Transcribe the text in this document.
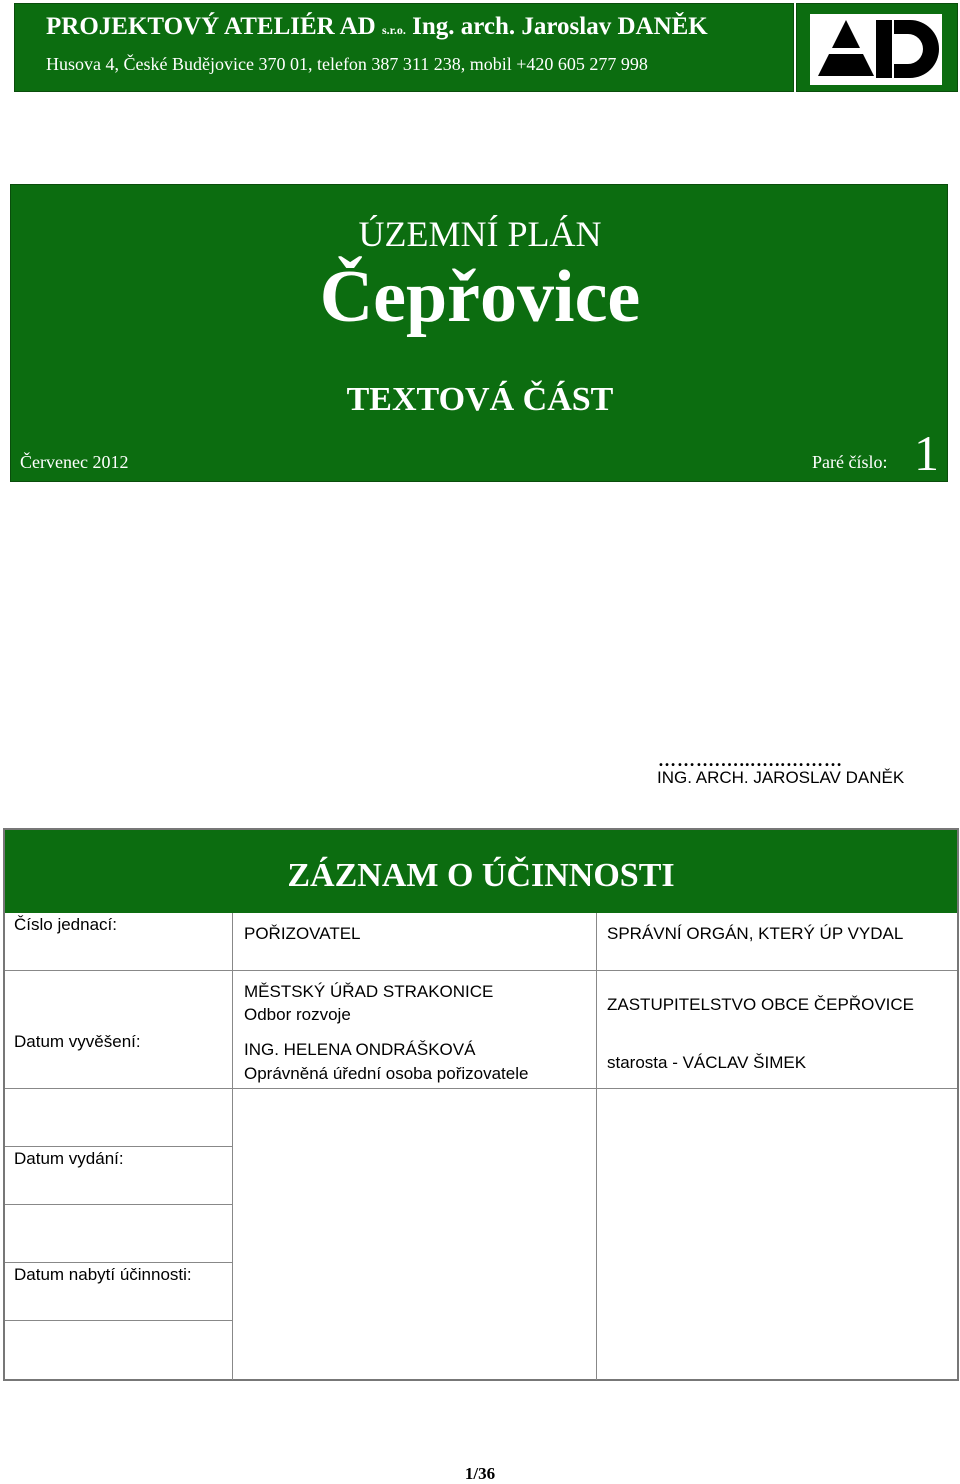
PROJEKTOVÝ ATELIÉR AD s.r.o. Ing. arch. Jaroslav DANĚK
Husova 4, České Budějovice 370 01, telefon 387 311 238, mobil +420 605 277 998
ÚZEMNÍ PLÁN
Čepřovice
TEXTOVÁ ČÁST
Červenec 2012	Paré číslo: 1
……….…...…..………
ING. ARCH. JAROSLAV DANĚK
ZÁZNAM O ÚČINNOSTI
Číslo jednací:
Datum vyvěšení:
Datum vydání:
Datum nabytí účinnosti:
POŘIZOVATEL
MĚSTSKÝ ÚŘAD STRAKONICE
Odbor rozvoje
ING. HELENA ONDRÁŠKOVÁ
Oprávněná úřední osoba pořizovatele
SPRÁVNÍ ORGÁN, KTERÝ ÚP VYDAL
ZASTUPITELSTVO OBCE ČEPŘOVICE
starosta - VÁCLAV ŠIMEK
1/36
